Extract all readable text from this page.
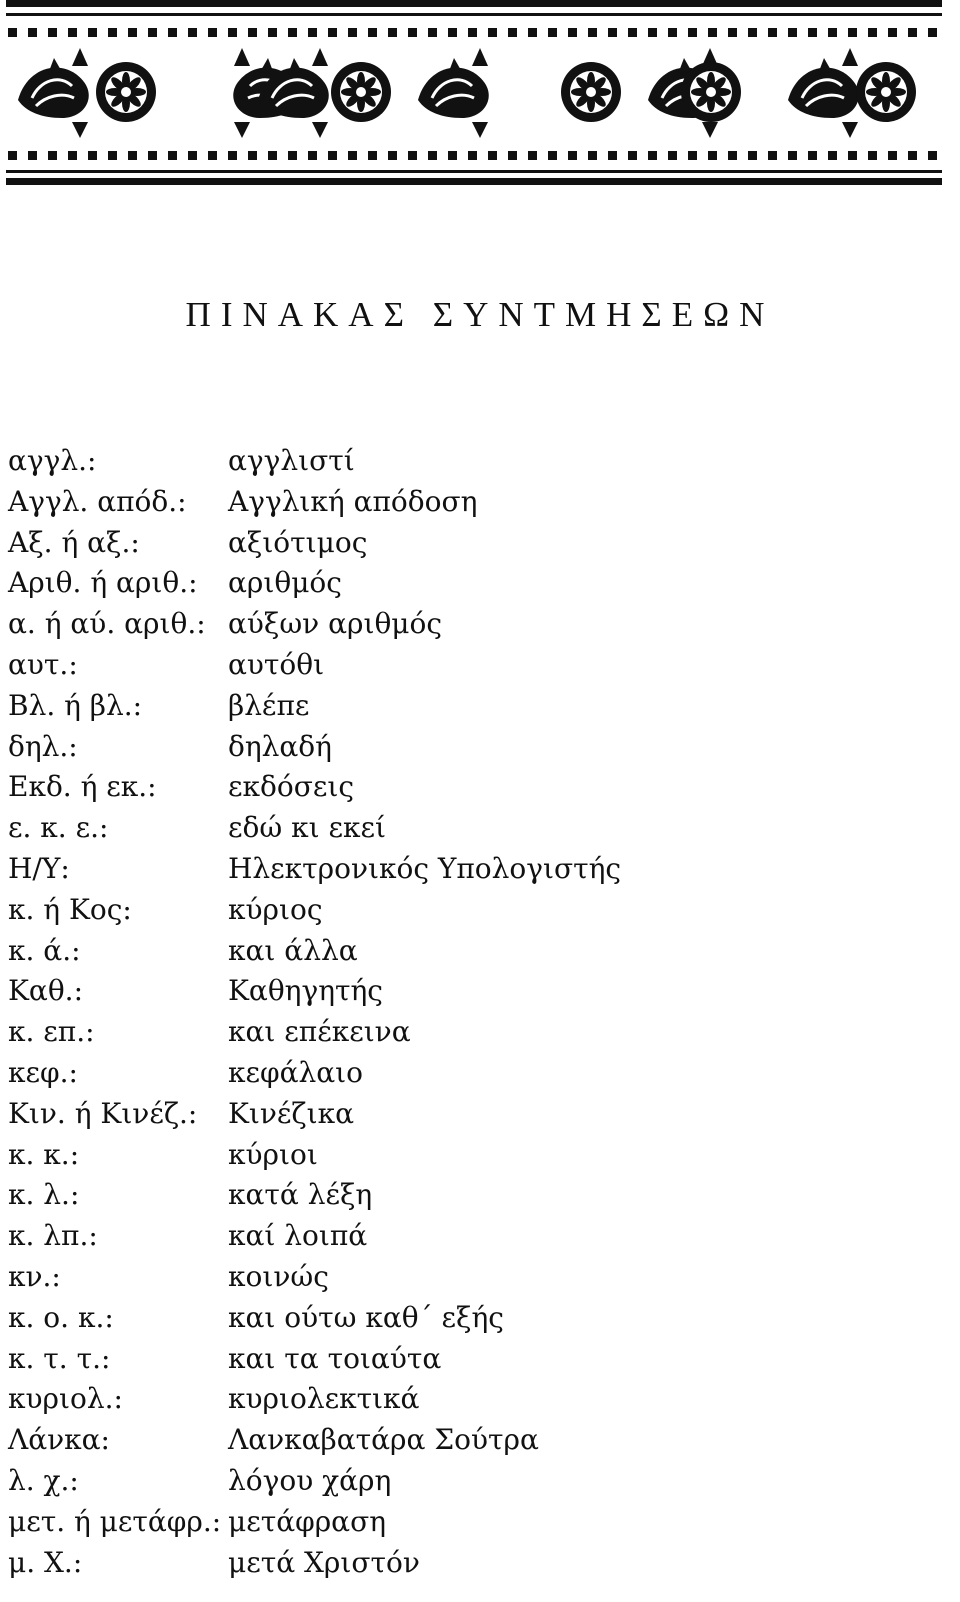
ΠΙΝΑΚΑΣ ΣΥΝΤΜΗΣΕΩΝ
αγγλ.:	αγγλιστί
Αγγλ. απόδ.: Αγγλική απόδοση
Αξ. ή αξ.:	αξιότιμος
Αριθ. ή αριθ.: αριθμός
α. ή αύ. αριθ.: αύξων αριθμός
αυτ.:	αυτόθι
Βλ. ή βλ.:	βλέπε
δηλ.:	δηλαδή
Εκδ. ή εκ.:	εκδόσεις
ε. κ. ε.:	εδώ κι εκεί
Η/Υ:	Ηλεκτρονικός Υπολογιστής
κ. ή Κος:	κύριος
κ. ά.:	και άλλα
Καθ.:	Καθηγητής
κ. επ.:	και επέκεινα
κεφ.:	κεφάλαιο
Κιν. ή Κινέζ.: Κινέζικα
κ. κ.:	κύριοι
κ. λ.:	κατά λέξη
κ. λπ.:	καί λοιπά
κν.:	κοινώς
κ. ο. κ.:	και ούτω καθ΄ εξής
κ. τ. τ.:	και τα τοιαύτα
κυριολ.:	κυριολεκτικά
Λάνκα:	Λανκαβατάρα Σούτρα
λ. χ.:	λόγου χάρη
μετ. ή μετάφρ.: μετάφραση
μ. Χ.:	μετά Χριστόν
